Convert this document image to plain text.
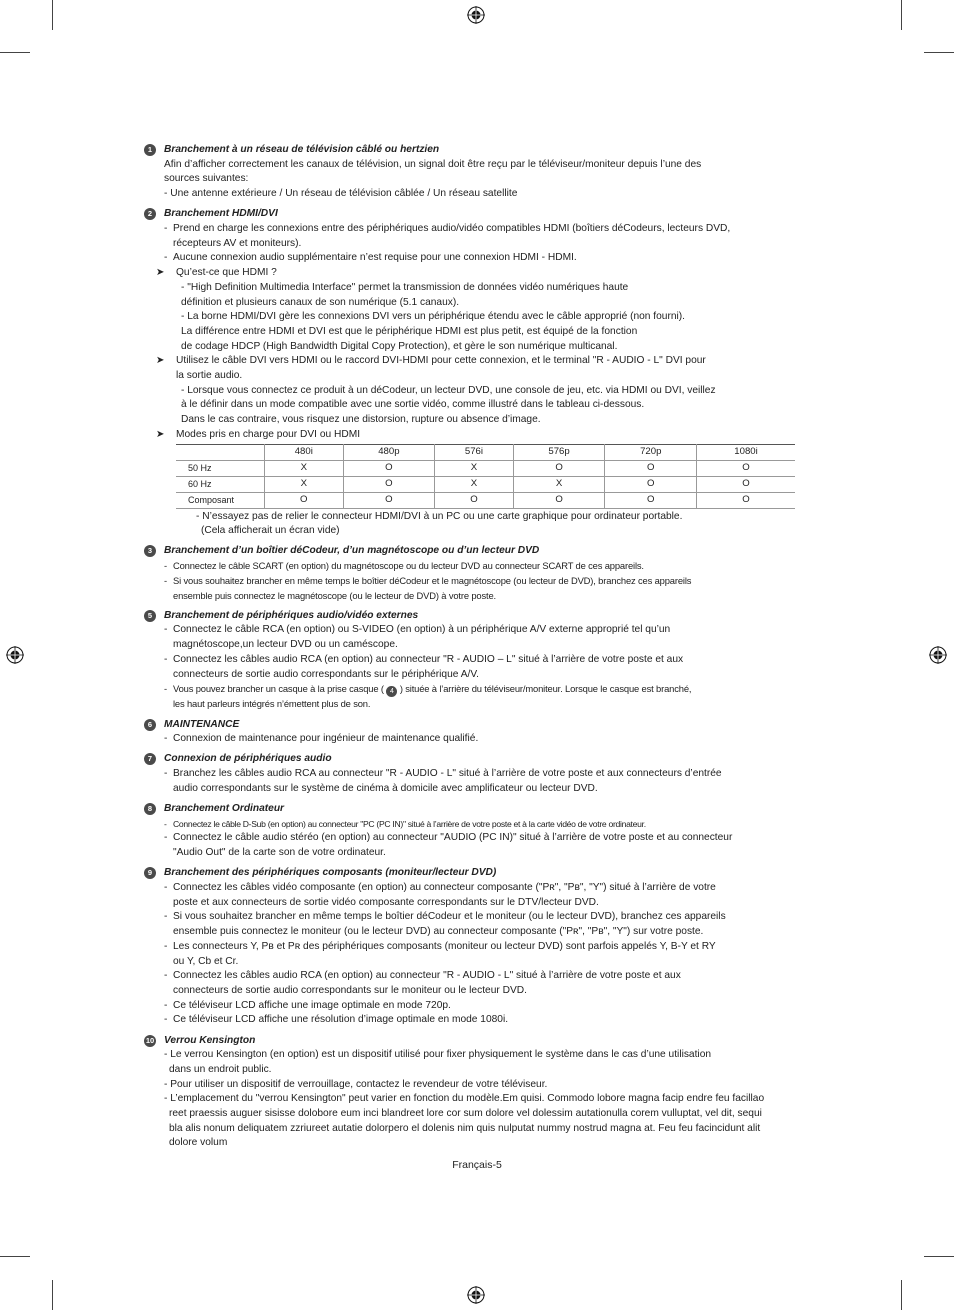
1	Branchement à un réseau de télévision câblé ou hertzien
Afin d’afficher correctement les canaux de télévision, un signal doit être reçu par le téléviseur/moniteur depuis l’une des
sources suivantes:
- Une antenne extérieure / Un réseau de télévision câblée / Un réseau satellite
2	Branchement HDMI/DVI
- Prend en charge les connexions entre des périphériques audio/vidéo compatibles HDMI (boîtiers déCodeurs, lecteurs DVD,
récepteurs AV et moniteurs).
- Aucune connexion audio supplémentaire n’est requise pour une connexion HDMI - HDMI.
➤ Qu’est-ce que HDMI ?
- "High Definition Multimedia Interface" permet la transmission de données vidéo numériques haute
définition et plusieurs canaux de son numérique (5.1 canaux).
- La borne HDMI/DVI gère les connexions DVI vers un périphérique étendu avec le câble approprié (non fourni).
La différence entre HDMI et DVI est que le périphérique HDMI est plus petit, est équipé de la fonction
de codage HDCP (High Bandwidth Digital Copy Protection), et gère le son numérique multicanal.
➤ Utilisez le câble DVI vers HDMI ou le raccord DVI-HDMI pour cette connexion, et le terminal "R - AUDIO - L" DVI pour
la sortie audio.
- Lorsque vous connectez ce produit à un déCodeur, un lecteur DVD, une console de jeu, etc. via HDMI ou DVI, veillez
à le définir dans un mode compatible avec une sortie vidéo, comme illustré dans le tableau ci-dessous.
Dans le cas contraire, vous risquez une distorsion, rupture ou absence d’image.
➤ Modes pris en charge pour DVI ou HDMI
	480i	480p	576i	576p	720p	1080i
50 Hz	X	O	X	O	O	O
60 Hz	X	O	X	X	O	O
Composant	O	O	O	O	O	O
- N’essayez pas de relier le connecteur HDMI/DVI à un PC ou une carte graphique pour ordinateur portable.
(Cela afficherait un écran vide)
3	Branchement d’un boîtier déCodeur, d’un magnétoscope ou d’un lecteur DVD
- Connectez le câble SCART (en option) du magnétoscope ou du lecteur DVD au connecteur SCART de ces appareils.
- Si vous souhaitez brancher en même temps le boîtier déCodeur et le magnétoscope (ou lecteur de DVD), branchez ces appareils
ensemble puis connectez le magnétoscope (ou le lecteur de DVD) à votre poste.
5	Branchement de périphériques audio/vidéo externes
- Connectez le câble RCA (en option) ou S-VIDEO (en option) à un périphérique A/V externe approprié tel qu’un
magnétoscope,un lecteur DVD ou un caméscope.
- Connectez les câbles audio RCA (en option) au connecteur "R - AUDIO – L" situé à l’arrière de votre poste et aux
connecteurs de sortie audio correspondants sur le périphérique A/V.
- Vous pouvez brancher un casque à la prise casque ( 4 ) située à l’arrière du téléviseur/moniteur. Lorsque le casque est branché,
les haut parleurs intégrés n’émettent plus de son.
6	MAINTENANCE
- Connexion de maintenance pour ingénieur de maintenance qualifié.
7	Connexion de périphériques audio
- Branchez les câbles audio RCA au connecteur "R - AUDIO - L" situé à l’arrière de votre poste et aux connecteurs d’entrée
audio correspondants sur le système de cinéma à domicile avec amplificateur ou lecteur DVD.
8	Branchement Ordinateur
- Connectez le câble D-Sub (en option) au connecteur "PC (PC IN)" situé à l’arrière de votre poste et à la carte vidéo de votre ordinateur.
- Connectez le câble audio stéréo (en option) au connecteur "AUDIO (PC IN)" situé à l’arrière de votre poste et au connecteur
"Audio Out" de la carte son de votre ordinateur.
9	Branchement des périphériques composants (moniteur/lecteur DVD)
- Connectez les câbles vidéo composante (en option) au connecteur composante ("Pʀ", "Pʙ", "Y") situé à l’arrière de votre
poste et aux connecteurs de sortie vidéo composante correspondants sur le DTV/lecteur DVD.
- Si vous souhaitez brancher en même temps le boîtier déCodeur et le moniteur (ou le lecteur DVD), branchez ces appareils
ensemble puis connectez le moniteur (ou le lecteur DVD) au connecteur composante ("Pʀ", "Pʙ", "Y") sur votre poste.
- Les connecteurs Y, Pʙ et Pʀ des périphériques composants (moniteur ou lecteur DVD) sont parfois appelés Y, B-Y et RY
ou Y, Cb et Cr.
- Connectez les câbles audio RCA (en option) au connecteur "R - AUDIO - L" situé à l’arrière de votre poste et aux
connecteurs de sortie audio correspondants sur le moniteur ou le lecteur DVD.
- Ce téléviseur LCD affiche une image optimale en mode 720p.
- Ce téléviseur LCD affiche une résolution d’image optimale en mode 1080i.
10 Verrou Kensington
- Le verrou Kensington (en option) est un dispositif utilisé pour fixer physiquement le système dans le cas d’une utilisation
dans un endroit public.
- Pour utiliser un dispositif de verrouillage, contactez le revendeur de votre téléviseur.
- L’emplacement du "verrou Kensington" peut varier en fonction du modèle.Em quisi. Commodo lobore magna facip endre feu facillao
reet praessis auguer sisisse dolobore eum inci blandreet lore cor sum dolore vel dolessim autationulla corem vulluptat, vel dit, sequi
bla alis nonum deliquatem zzriureet autatie dolorpero el dolenis nim quis nulputat nummy nostrud magna at. Feu feu facincidunt alit
dolore volum
Français-5
